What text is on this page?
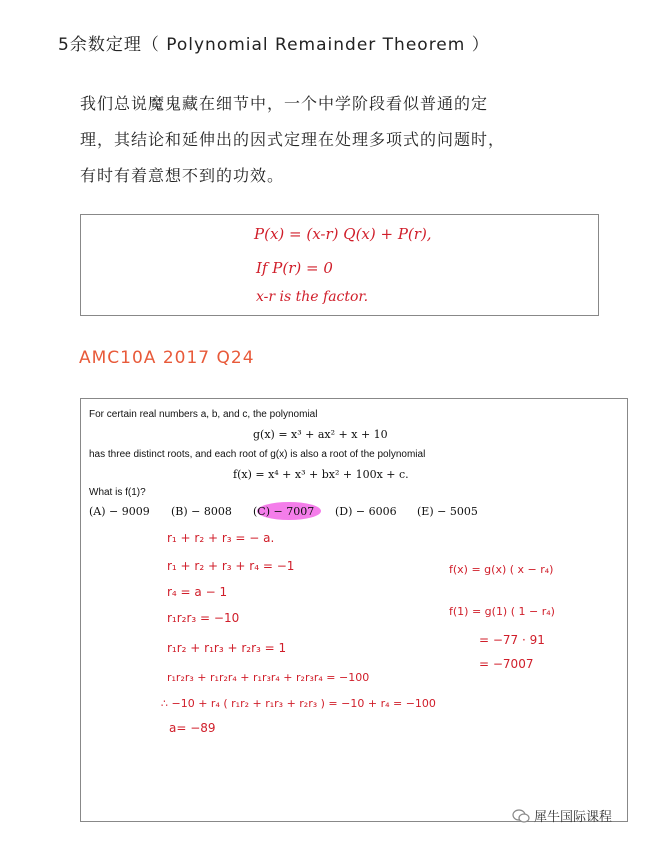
5余数定理（ Polynomial Remainder Theorem ）
我们总说魔鬼藏在细节中，一个中学阶段看似普通的定
理，其结论和延伸出的因式定理在处理多项式的问题时，
有时有着意想不到的功效。
P(x) = (x-r) Q(x) + P(r),
If P(r) = 0
x-r is the factor.
AMC10A 2017 Q24
For certain real numbers a, b, and c, the polynomial
g(x) = x³ + ax² + x + 10
has three distinct roots, and each root of g(x) is also a root of the polynomial
f(x) = x⁴ + x³ + bx² + 100x + c.
What is f(1)?
(A) − 9009 (B) − 8008 (C) − 7007 (D) − 6006 (E) − 5005
r₁ + r₂ + r₃ = − a.
r₁ + r₂ + r₃ + r₄ = −1
r₄ = a − 1
r₁r₂r₃ = −10
r₁r₂ + r₁r₃ + r₂r₃ = 1
r₁r₂r₃ + r₁r₂r₄ + r₁r₃r₄ + r₂r₃r₄ = −100
∴ −10 + r₄ ( r₁r₂ + r₁r₃ + r₂r₃ ) = −10 + r₄ = −100
a= −89
f(x) = g(x) ( x − r₄)
f(1) = g(1) ( 1 − r₄)
= −77 · 91
= −7007
犀牛国际课程
